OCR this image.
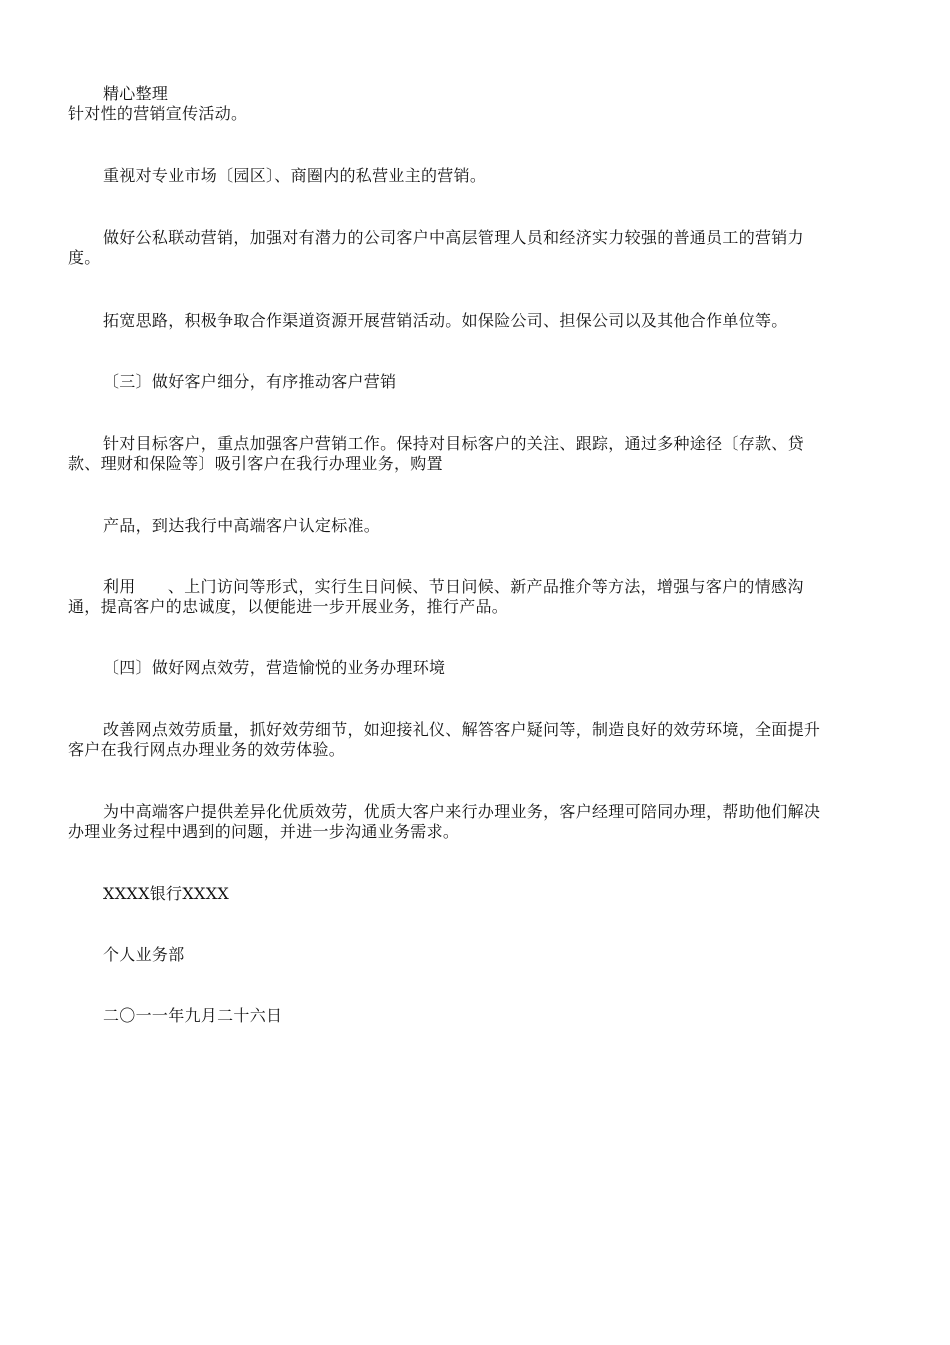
精心整理
针对性的营销宣传活动。
重视对专业市场〔园区〕、商圈内的私营业主的营销。
做好公私联动营销，加强对有潜力的公司客户中高层管理人员和经济实力较强的普通员工的营销力
度。
拓宽思路，积极争取合作渠道资源开展营销活动。如保险公司、担保公司以及其他合作单位等。
〔三〕做好客户细分，有序推动客户营销
针对目标客户，重点加强客户营销工作。保持对目标客户的关注、跟踪，通过多种途径〔存款、贷
款、理财和保险等〕吸引客户在我行办理业务，购置
产品，到达我行中高端客户认定标准。
利用      、上门访问等形式，实行生日问候、节日问候、新产品推介等方法，增强与客户的情感沟
通，提高客户的忠诚度，以便能进一步开展业务，推行产品。
〔四〕做好网点效劳，营造愉悦的业务办理环境
改善网点效劳质量，抓好效劳细节，如迎接礼仪、解答客户疑问等，制造良好的效劳环境，全面提升
客户在我行网点办理业务的效劳体验。
为中高端客户提供差异化优质效劳，优质大客户来行办理业务，客户经理可陪同办理，帮助他们解决
办理业务过程中遇到的问题，并进一步沟通业务需求。
XXXX银行XXXX
个人业务部
二〇一一年九月二十六日
